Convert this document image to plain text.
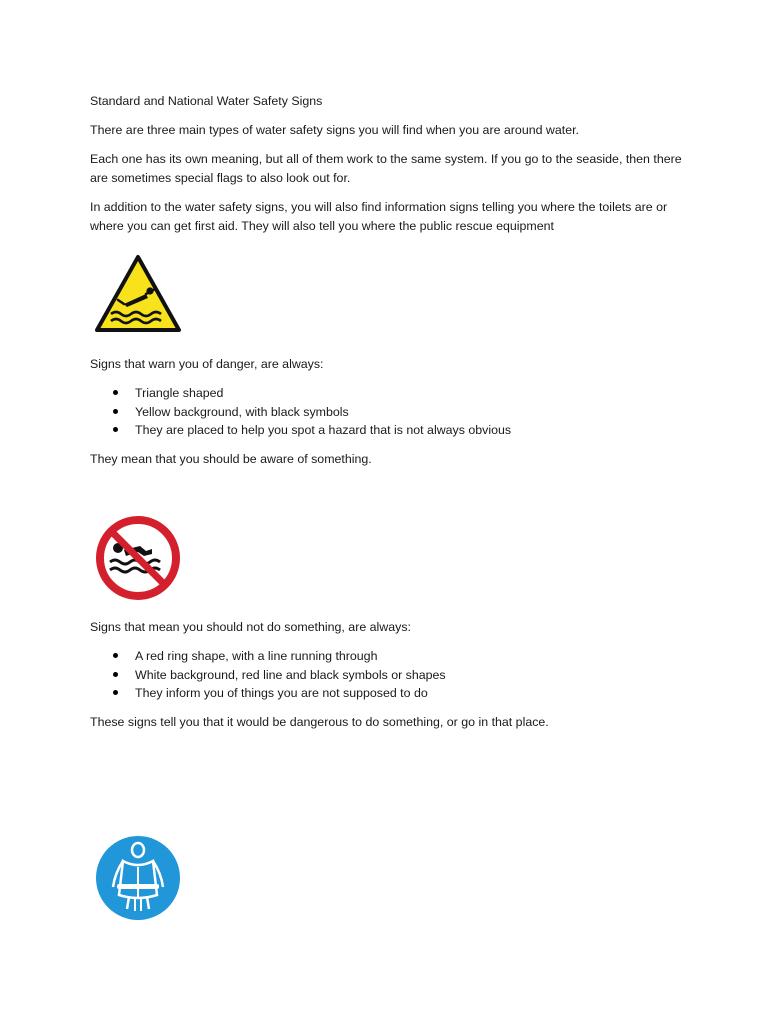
Standard and National Water Safety Signs
There are three main types of water safety signs you will find when you are around water.

Each one has its own meaning, but all of them work to the same system. If you go to the seaside, then there are sometimes special flags to also look out for.

In addition to the water safety signs, you will also find information signs telling you where the toilets are or where you can get first aid. They will also tell you where the public rescue equipment

Signs that warn you of danger, are always:
Triangle shaped
Yellow background, with black symbols
They are placed to help you spot a hazard that is not always obvious
They mean that you should be aware of something.
Signs that mean you should not do something, are always:
A red ring shape, with a line running through
White background, red line and black symbols or shapes
They inform you of things you are not supposed to do
These signs tell you that it would be dangerous to do something, or go in that place.
